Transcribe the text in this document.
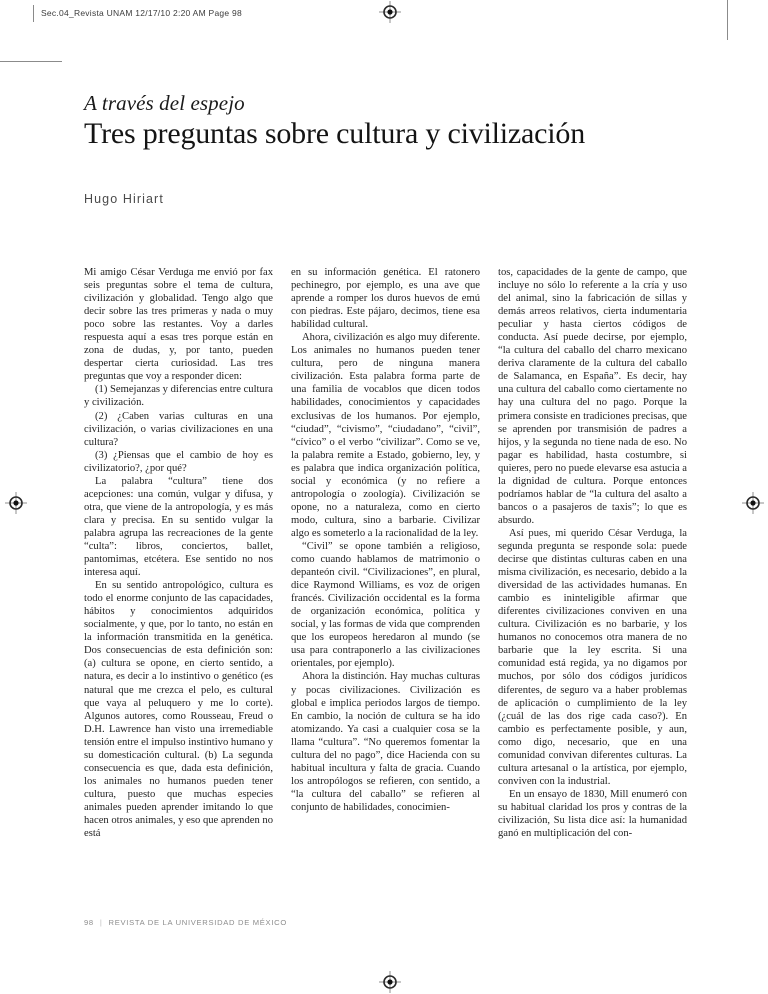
Sec.04_Revista UNAM 12/17/10 2:20 AM Page 98
A través del espejo
Tres preguntas sobre cultura y civilización
Hugo Hiriart

Mi amigo César Verduga me envió por fax seis preguntas sobre el tema de cultura, civilización y globalidad. Tengo algo que decir sobre las tres primeras y nada o muy poco sobre las restantes. Voy a darles respuesta aquí a esas tres porque están en zona de dudas, y, por tanto, pueden despertar cierta curiosidad. Las tres preguntas que voy a responder dicen:

(1) Semejanzas y diferencias entre cultura y civilización.

(2) ¿Caben varias culturas en una civilización, o varias civilizaciones en una cultura?

(3) ¿Piensas que el cambio de hoy es civilizatorio?, ¿por qué?

La palabra “cultura” tiene dos acepciones: una común, vulgar y difusa, y otra, que viene de la antropología, y es más clara y precisa. En su sentido vulgar la palabra agrupa las recreaciones de la gente “culta”: libros, conciertos, ballet, pantomimas, etcétera. Ese sentido no nos interesa aquí.

En su sentido antropológico, cultura es todo el enorme conjunto de las capacidades, hábitos y conocimientos adquiridos socialmente, y que, por lo tanto, no están en la información transmitida en la genética. Dos consecuencias de esta definición son: (a) cultura se opone, en cierto sentido, a natura, es decir a lo instintivo o genético (es natural que me crezca el pelo, es cultural que vaya al peluquero y me lo corte). Algunos autores, como Rousseau, Freud o D.H. Lawrence han visto una irremediable tensión entre el impulso instintivo humano y su domesticación cultural. (b) La segunda consecuencia es que, dada esta definición, los animales no humanos pueden tener cultura, puesto que muchas especies animales pueden aprender imitando lo que hacen otros animales, y eso que aprenden no está

en su información genética. El ratonero pechinegro, por ejemplo, es una ave que aprende a romper los duros huevos de emú con piedras. Este pájaro, decimos, tiene esa habilidad cultural.

Ahora, civilización es algo muy diferente. Los animales no humanos pueden tener cultura, pero de ninguna manera civilización. Esta palabra forma parte de una familia de vocablos que dicen todos habilidades, conocimientos y capacidades exclusivas de los humanos. Por ejemplo, “ciudad”, “civismo”, “ciudadano”, “civil”, “cívico” o el verbo “civilizar”. Como se ve, la palabra remite a Estado, gobierno, ley, y es palabra que indica organización política, social y económica (y no refiere a antropología o zoología). Civilización se opone, no a naturaleza, como en cierto modo, cultura, sino a barbarie. Civilizar algo es someterlo a la racionalidad de la ley.

“Civil” se opone también a religioso, como cuando hablamos de matrimonio o depanteón civil. “Civilizaciones”, en plural, dice Raymond Williams, es voz de origen francés. Civilización occidental es la forma de organización económica, política y social, y las formas de vida que comprenden que los europeos heredaron al mundo (se usa para contraponerlo a las civilizaciones orientales, por ejemplo).

Ahora la distinción. Hay muchas culturas y pocas civilizaciones. Civilización es global e implica periodos largos de tiempo. En cambio, la noción de cultura se ha ido atomizando. Ya casi a cualquier cosa se la llama “cultura”. “No queremos fomentar la cultura del no pago”, dice Hacienda con su habitual incultura y falta de gracia. Cuando los antropólogos se refieren, con sentido, a “la cultura del caballo” se refieren al conjunto de habilidades, conocimien-

tos, capacidades de la gente de campo, que incluye no sólo lo referente a la cría y uso del animal, sino la fabricación de sillas y demás arreos relativos, cierta indumentaria peculiar y hasta ciertos códigos de conducta. Así puede decirse, por ejemplo, “la cultura del caballo del charro mexicano deriva claramente de la cultura del caballo de Salamanca, en España”. Es decir, hay una cultura del caballo como ciertamente no hay una cultura del no pago. Porque la primera consiste en tradiciones precisas, que se aprenden por transmisión de padres a hijos, y la segunda no tiene nada de eso. No pagar es habilidad, hasta costumbre, si quieres, pero no puede elevarse esa astucia a la dignidad de cultura. Porque entonces podríamos hablar de “la cultura del asalto a bancos o a pasajeros de taxis”; lo que es absurdo.

Así pues, mi querido César Verduga, la segunda pregunta se responde sola: puede decirse que distintas culturas caben en una misma civilización, es necesario, debido a la diversidad de las actividades humanas. En cambio es ininteligible afirmar que diferentes civilizaciones conviven en una cultura. Civilización es no barbarie, y los humanos no conocemos otra manera de no barbarie que la ley escrita. Si una comunidad está regida, ya no digamos por muchos, por sólo dos códigos jurídicos diferentes, de seguro va a haber problemas de aplicación o cumplimiento de la ley (¿cuál de las dos rige cada caso?). En cambio es perfectamente posible, y aun, como digo, necesario, que en una comunidad convivan diferentes culturas. La cultura artesanal o la artística, por ejemplo, conviven con la industrial.

En un ensayo de 1830, Mill enumeró con su habitual claridad los pros y contras de la civilización, Su lista dice así: la humanidad ganó en multiplicación del con-

98 | REVISTA DE LA UNIVERSIDAD DE MÉXICO
